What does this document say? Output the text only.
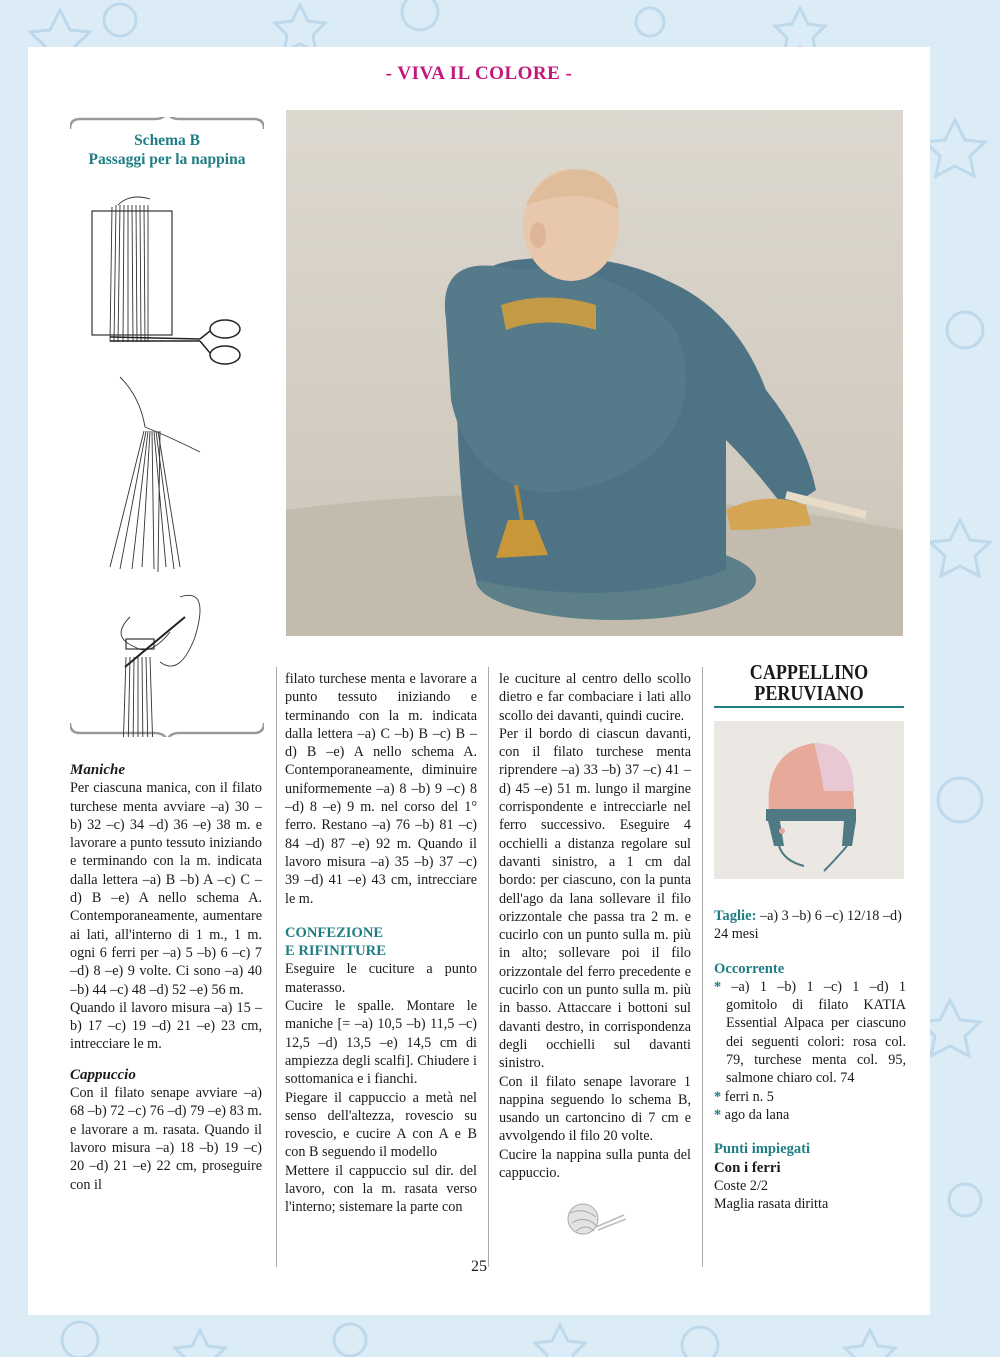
- VIVA IL COLORE -
Schema B
Passaggi per la nappina

Maniche

Per ciascuna manica, con il filato turchese menta avviare –a) 30 –b) 32 –c) 34 –d) 36 –e) 38 m. e lavorare a punto tessuto iniziando e terminando con la m. indicata dalla lettera –a) B –b) A –c) C –d) B –e) A nello schema A. Contemporaneamente, aumentare ai lati, all'interno di 1 m., 1 m. ogni 6 ferri per –a) 5 –b) 6 –c) 7 –d) 8 –e) 9 volte. Ci sono –a) 40 –b) 44 –c) 48 –d) 52 –e) 56 m.

Quando il lavoro misura –a) 15 –b) 17 –c) 19 –d) 21 –e) 23 cm, intrecciare le m.

Cappuccio

Con il filato senape avviare –a) 68 –b) 72 –c) 76 –d) 79 –e) 83 m. e lavorare a m. rasata. Quando il lavoro misura –a) 18 –b) 19 –c) 20 –d) 21 –e) 22 cm, proseguire con il

filato turchese menta e lavorare a punto tessuto iniziando e terminando con la m. indicata dalla lettera –a) C –b) B –c) B –d) B –e) A nello schema A. Contemporaneamente, diminuire uniformemente –a) 8 –b) 9 –c) 8 –d) 8 –e) 9 m. nel corso del 1° ferro. Restano –a) 76 –b) 81 –c) 84 –d) 87 –e) 92 m. Quando il lavoro misura –a) 35 –b) 37 –c) 39 –d) 41 –e) 43 cm, intrecciare le m.

CONFEZIONE
E RIFINITURE

Eseguire le cuciture a punto materasso.

Cucire le spalle. Montare le maniche [= –a) 10,5 –b) 11,5 –c) 12,5 –d) 13,5 –e) 14,5 cm di ampiezza degli scalfi]. Chiudere i sottomanica e i fianchi.

Piegare il cappuccio a metà nel senso dell'altezza, rovescio su rovescio, e cucire A con A e B con B seguendo il modello

Mettere il cappuccio sul dir. del lavoro, con la m. rasata verso l'interno; sistemare la parte con

le cuciture al centro dello scollo dietro e far combaciare i lati allo scollo dei davanti, quindi cucire.

Per il bordo di ciascun davanti, con il filato turchese menta riprendere –a) 33 –b) 37 –c) 41 –d) 45 –e) 51 m. lungo il margine corrispondente e intrecciarle nel ferro successivo. Eseguire 4 occhielli a distanza regolare sul davanti sinistro, a 1 cm dal bordo: per ciascuno, con la punta dell'ago da lana sollevare il filo orizzontale che passa tra 2 m. e cucirlo con un punto sulla m. più in alto; sollevare poi il filo orizzontale del ferro precedente e cucirlo con un punto sulla m. più in basso. Attaccare i bottoni sul davanti destro, in corrispondenza degli occhielli sul davanti sinistro.

Con il filato senape lavorare 1 nappina seguendo lo schema B, usando un cartoncino di 7 cm e avvolgendo il filo 20 volte.

Cucire la nappina sulla punta del cappuccio.

CAPPELLINO
PERUVIANO

Taglie: –a) 3 –b) 6 –c) 12/18 –d) 24 mesi

Occorrente

* –a) 1 –b) 1 –c) 1 –d) 1 gomitolo di filato KATIA Essential Alpaca per ciascuno dei seguenti colori: rosa col. 79, turchese menta col. 95, salmone chiaro col. 74

* ferri n. 5

* ago da lana

Punti impiegati

Con i ferri

Coste 2/2

Maglia rasata diritta

25
